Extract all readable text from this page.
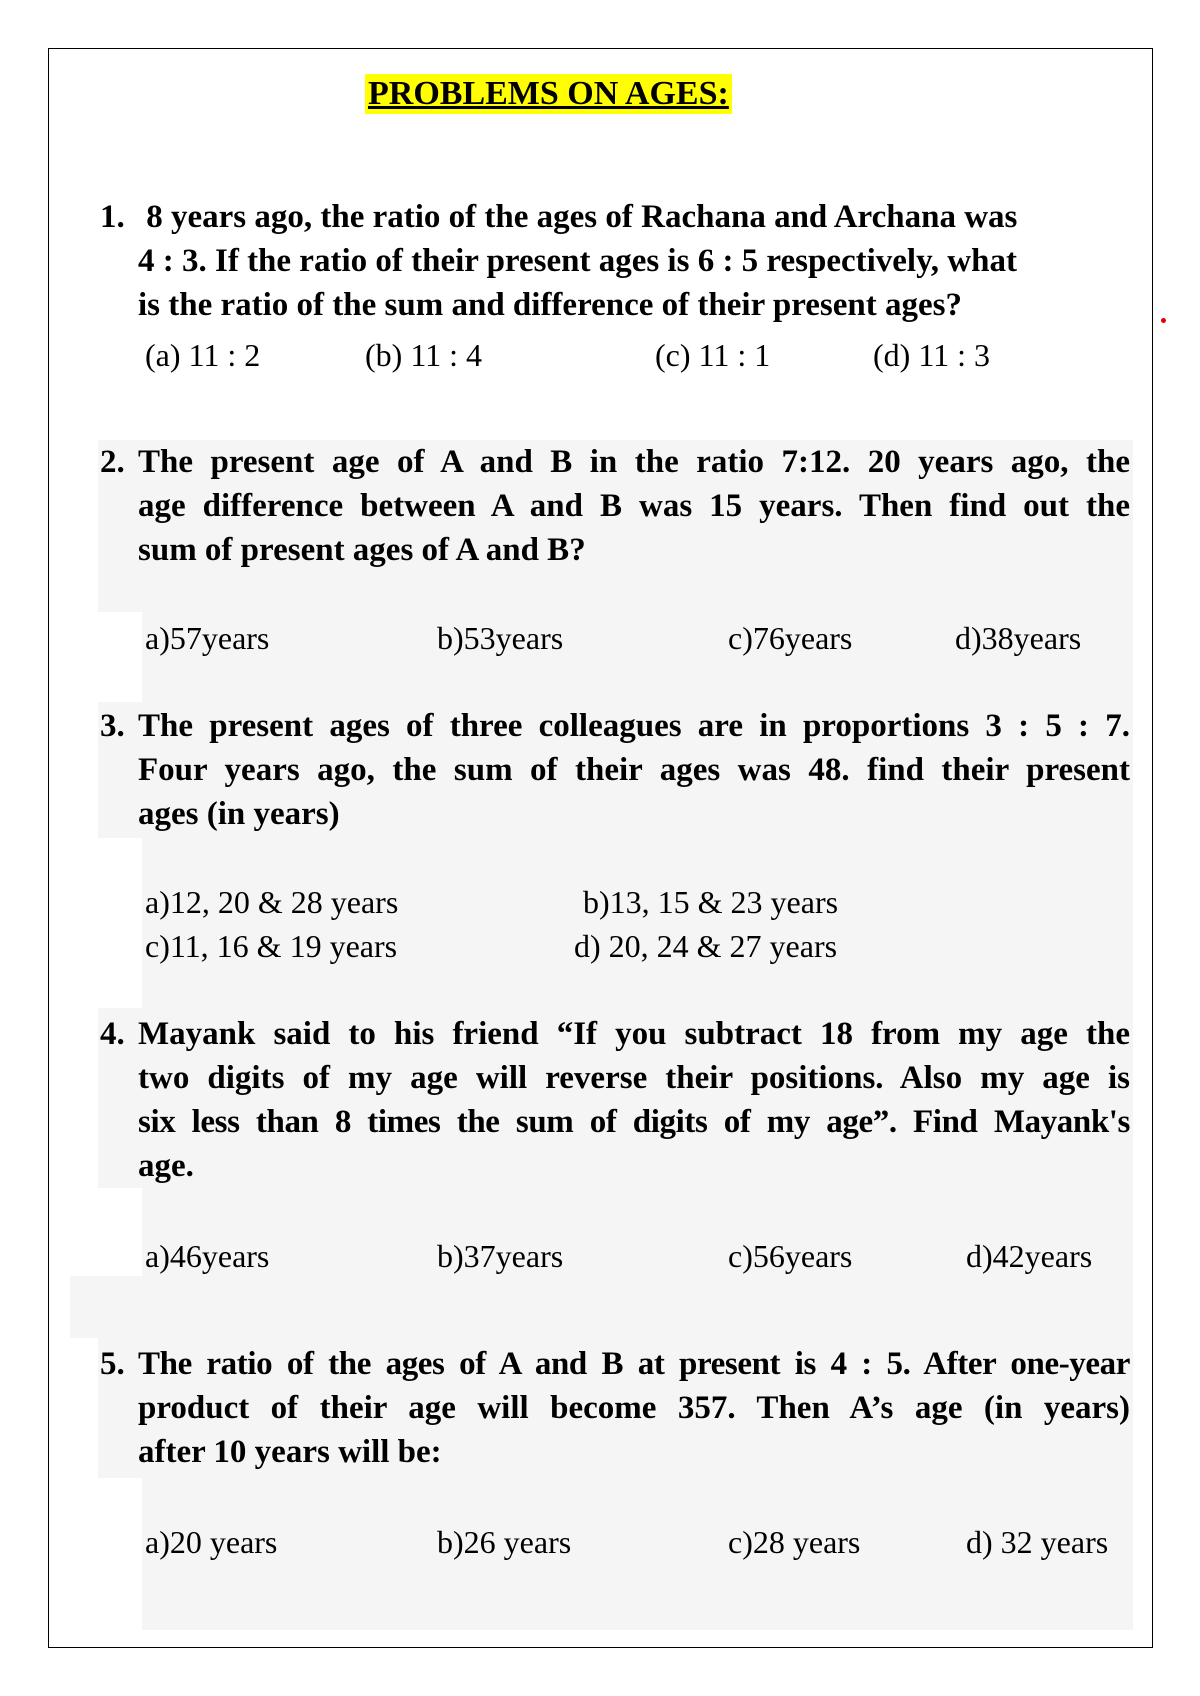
PROBLEMS ON AGES:
1. 8 years ago, the ratio of the ages of Rachana and Archana was
4 : 3. If the ratio of their present ages is 6 : 5 respectively, what
is the ratio of the sum and difference of their present ages?
(a) 11 : 2	(b) 11 : 4	(c) 11 : 1	(d) 11 : 3
2. The present age of A and B in the ratio 7:12. 20 years ago, the
age difference between A and B was 15 years. Then find out the
sum of present ages of A and B?
a)57years	b)53years	c)76years	d)38years
3. The present ages of three colleagues are in proportions 3 : 5 : 7.
Four years ago, the sum of their ages was 48. find their present
ages (in years)
a)12, 20 & 28 years	b)13, 15 & 23 years
c)11, 16 & 19 years	d) 20, 24 & 27 years
4. Mayank said to his friend “If you subtract 18 from my age the
two digits of my age will reverse their positions. Also my age is
six less than 8 times the sum of digits of my age”. Find Mayank's
age.
a)46years	b)37years	c)56years	d)42years
5. The ratio of the ages of A and B at present is 4 : 5. After one-year
product of their age will become 357. Then A’s age (in years)
after 10 years will be:
a)20 years	b)26 years	c)28 years	d) 32 years
